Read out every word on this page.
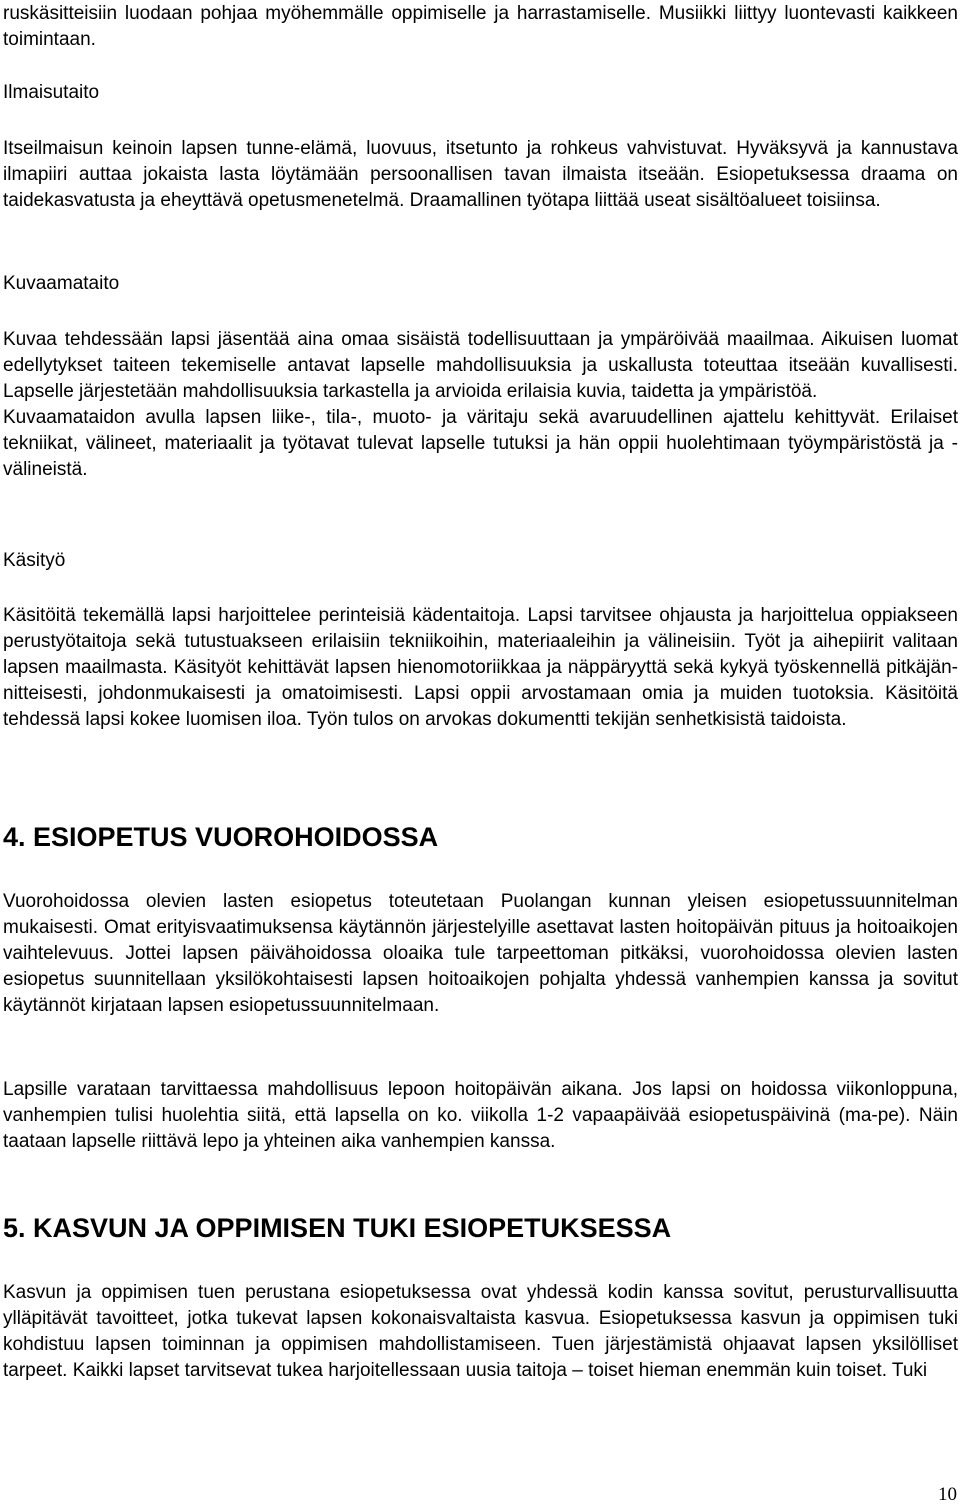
ruskäsitteisiin luodaan pohjaa myöhemmälle oppimiselle ja harrastamiselle. Musiikki liittyy luontevasti kaikkeen toimintaan.

Ilmaisutaito

Itseilmaisun keinoin lapsen tunne-elämä, luovuus, itsetunto ja rohkeus vahvistuvat. Hyväksyvä ja kannustava ilmapiiri auttaa jokaista lasta löytämään persoonallisen tavan ilmaista itseään. Esiopetuksessa draama on taidekasvatusta ja eheyttävä opetusmenetelmä. Draamallinen työtapa liittää useat sisältöalueet toisiinsa.

Kuvaamataito

Kuvaa tehdessään lapsi jäsentää aina omaa sisäistä todellisuuttaan ja ympäröivää maailmaa. Aikuisen luomat edellytykset taiteen tekemiselle antavat lapselle mahdollisuuksia ja uskallusta toteuttaa itseään kuvallisesti. Lapselle järjestetään mahdollisuuksia tarkastella ja arvioida erilaisia kuvia, taidetta ja ympäristöä.

Kuvaamataidon avulla lapsen liike-, tila-, muoto- ja väritaju sekä avaruudellinen ajattelu kehittyvät. Erilaiset tekniikat, välineet, materiaalit ja työtavat tulevat lapselle tutuksi ja hän oppii huolehtimaan työympäristöstä ja -välineistä.

Käsityö

Käsitöitä tekemällä lapsi harjoittelee perinteisiä kädentaitoja. Lapsi tarvitsee ohjausta ja harjoittelua oppiakseen perustyötaitoja sekä tutustuakseen erilaisiin tekniikoihin, materiaaleihin ja välineisiin. Työt ja aihepiirit valitaan lapsen maailmasta. Käsityöt kehittävät lapsen hienomotoriikkaa ja näppäryyttä sekä kykyä työskennellä pitkäjännitteisesti, johdonmukaisesti ja omatoimisesti. Lapsi oppii arvostamaan omia ja muiden tuotoksia. Käsitöitä tehdessä lapsi kokee luomisen iloa. Työn tulos on arvokas dokumentti tekijän senhetkisistä taidoista.

4. ESIOPETUS VUOROHOIDOSSA

Vuorohoidossa olevien lasten esiopetus toteutetaan Puolangan kunnan yleisen esiopetussuunnitelman mukaisesti. Omat erityisvaatimuksensa käytännön järjestelyille asettavat lasten hoitopäivän pituus ja hoitoaikojen vaihtelevuus. Jottei lapsen päivähoidossa oloaika tule tarpeettoman pitkäksi, vuorohoidossa olevien lasten esiopetus suunnitellaan yksilökohtaisesti lapsen hoitoaikojen pohjalta yhdessä vanhempien kanssa ja sovitut käytännöt kirjataan lapsen esiopetussuunnitelmaan.

Lapsille varataan tarvittaessa mahdollisuus lepoon hoitopäivän aikana. Jos lapsi on hoidossa viikonloppuna, vanhempien tulisi huolehtia siitä, että lapsella on ko. viikolla 1-2 vapaapäivää esiopetuspäivinä (ma-pe). Näin taataan lapselle riittävä lepo ja yhteinen aika vanhempien kanssa.

5. KASVUN JA OPPIMISEN TUKI ESIOPETUKSESSA

Kasvun ja oppimisen tuen perustana esiopetuksessa ovat yhdessä kodin kanssa sovitut, perusturvallisuutta ylläpitävät tavoitteet, jotka tukevat lapsen kokonaisvaltaista kasvua. Esiopetuksessa kasvun ja oppimisen tuki kohdistuu lapsen toiminnan ja oppimisen mahdollistamiseen. Tuen järjestämistä ohjaavat lapsen yksilölliset tarpeet. Kaikki lapset tarvitsevat tukea harjoitellessaan uusia taitoja – toiset hieman enemmän kuin toiset. Tuki

10
